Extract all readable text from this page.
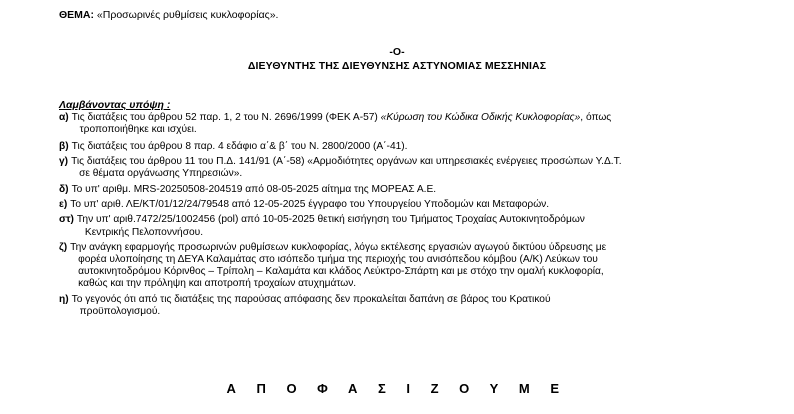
ΘΕΜΑ: «Προσωρινές ρυθμίσεις κυκλοφορίας».
-Ο-
ΔΙΕΥΘΥΝΤΗΣ ΤΗΣ ΔΙΕΥΘΥΝΣΗΣ ΑΣΤΥΝΟΜΙΑΣ ΜΕΣΣΗΝΙΑΣ
Λαμβάνοντας υπόψη :
α) Τις διατάξεις του άρθρου 52 παρ. 1, 2 του Ν. 2696/1999 (ΦΕΚ Α-57) «Κύρωση του Κώδικα Οδικής Κυκλοφορίας», όπως
τροποποιήθηκε και ισχύει.
β) Τις διατάξεις του άρθρου 8 παρ. 4 εδάφιο α΄& β΄ του Ν. 2800/2000 (Α΄-41).
γ) Τις διατάξεις του άρθρου 11 του Π.Δ. 141/91 (Α΄-58) «Αρμοδιότητες οργάνων και υπηρεσιακές ενέργειες προσώπων Υ.Δ.Τ.
σε θέματα οργάνωσης Υπηρεσιών».
δ) Το υπ' αριθμ. MRS-20250508-204519 από 08-05-2025 αίτημα της ΜΟΡΕΑΣ Α.Ε.
ε) Το υπ' αριθ. ΛΕ/ΚΤ/01/12/24/79548 από 12-05-2025 έγγραφο του Υπουργείου Υποδομών και Μεταφορών.
στ) Την υπ' αριθ.7472/25/1002456 (pol) από 10-05-2025 θετική εισήγηση του Τμήματος Τροχαίας Αυτοκινητοδρόμων
Κεντρικής Πελοποννήσου.
ζ) Την ανάγκη εφαρμογής προσωρινών ρυθμίσεων κυκλοφορίας, λόγω εκτέλεσης εργασιών αγωγού δικτύου ύδρευσης με
φορέα υλοποίησης τη ΔΕΥΑ Καλαμάτας στο ισόπεδο τμήμα της περιοχής του ανισόπεδου κόμβου (Α/Κ) Λεύκων του
αυτοκινητοδρόμου Κόρινθος – Τρίπολη – Καλαμάτα και κλάδος Λεύκτρο-Σπάρτη και με στόχο την ομαλή κυκλοφορία,
καθώς και την πρόληψη και αποτροπή τροχαίων ατυχημάτων.
η) Το γεγονός ότι από τις διατάξεις της παρούσας απόφασης δεν προκαλείται δαπάνη σε βάρος του Κρατικού
προϋπολογισμού.
Α Π Ο Φ Α Σ Ι Ζ Ο Υ Μ Ε
